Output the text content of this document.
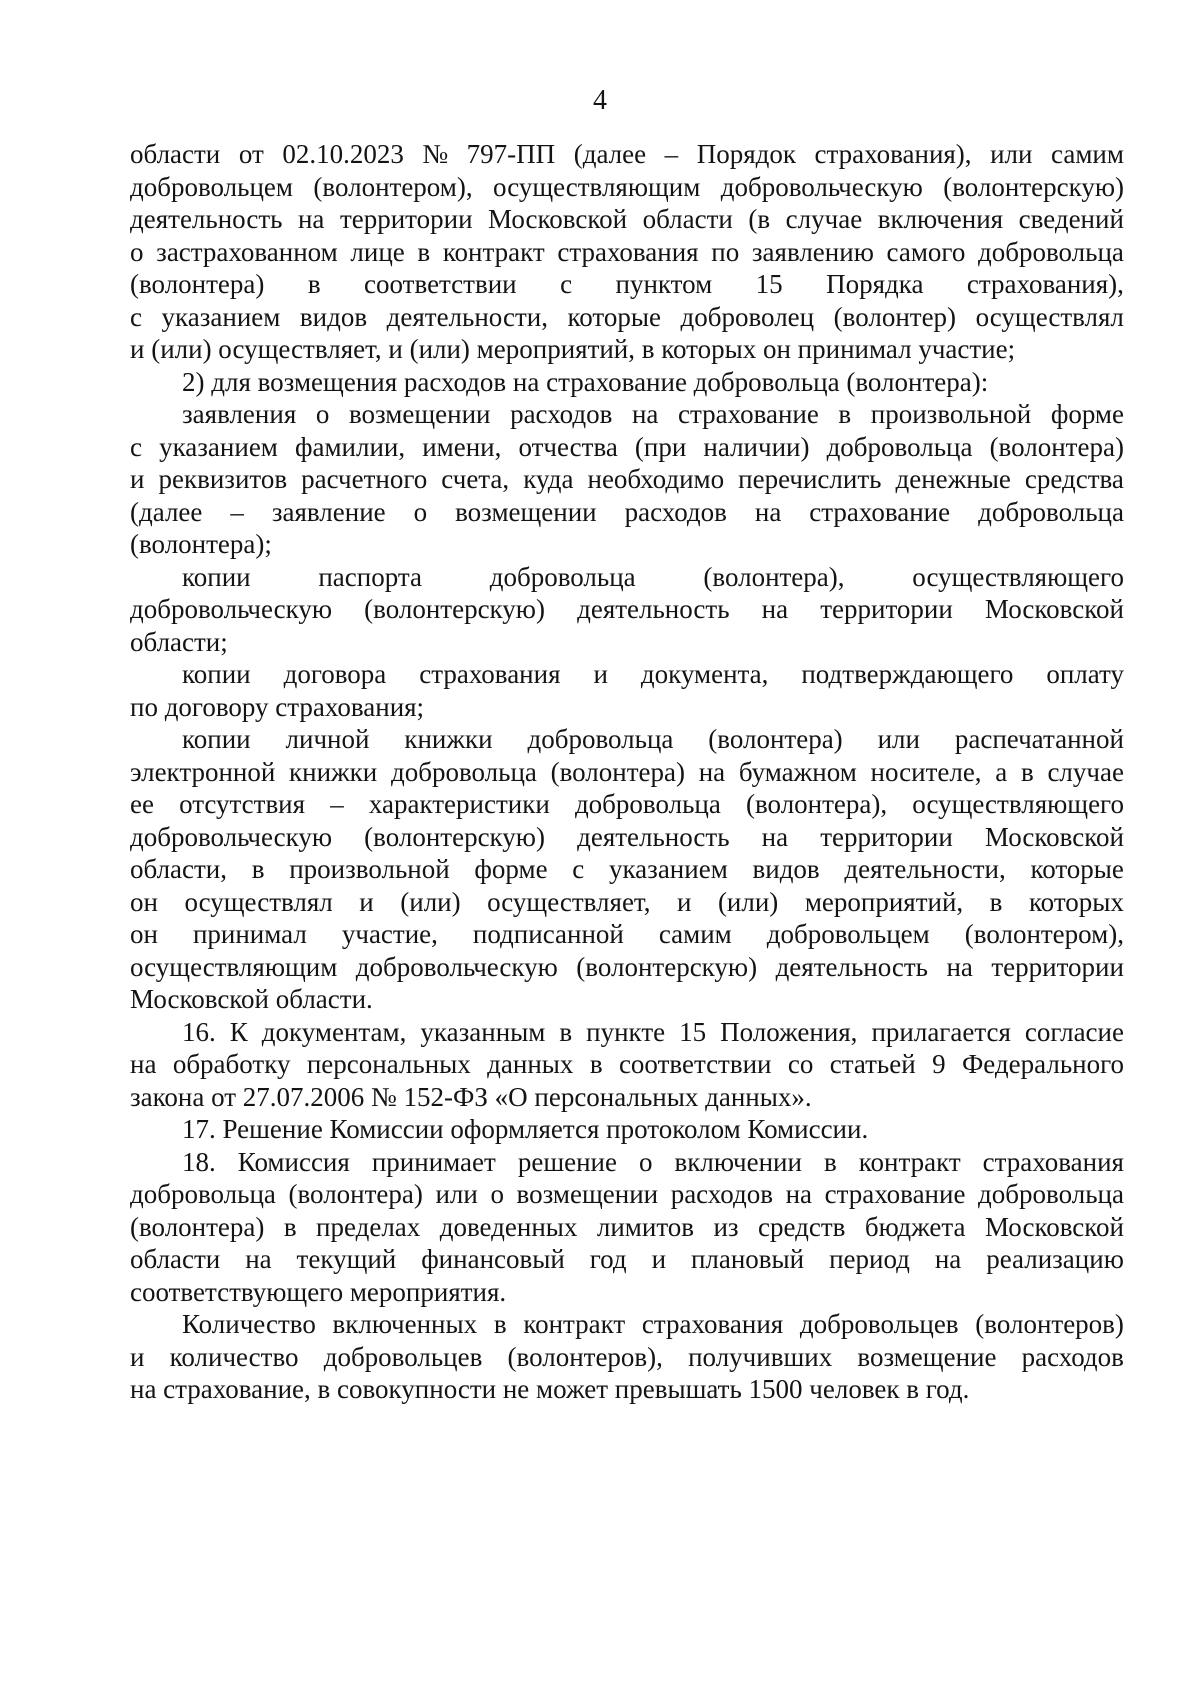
4
области от 02.10.2023 № 797-ПП (далее – Порядок страхования), или самим
добровольцем (волонтером), осуществляющим добровольческую (волонтерскую)
деятельность на территории Московской области (в случае включения сведений
о застрахованном лице в контракт страхования по заявлению самого добровольца
(волонтера) в соответствии с пунктом 15 Порядка страхования),
с указанием видов деятельности, которые доброволец (волонтер) осуществлял
и (или) осуществляет, и (или) мероприятий, в которых он принимал участие;
2) для возмещения расходов на страхование добровольца (волонтера):
заявления о возмещении расходов на страхование в произвольной форме
с указанием фамилии, имени, отчества (при наличии) добровольца (волонтера)
и реквизитов расчетного счета, куда необходимо перечислить денежные средства
(далее – заявление о возмещении расходов на страхование добровольца
(волонтера);
копии	паспорта	добровольца	(волонтера),	осуществляющего
добровольческую (волонтерскую) деятельность на территории Московской
области;
копии договора страхования и документа, подтверждающего оплату
по договору страхования;
копии личной книжки добровольца (волонтера) или распечатанной
электронной книжки добровольца (волонтера) на бумажном носителе, а в случае
ее отсутствия – характеристики добровольца (волонтера), осуществляющего
добровольческую (волонтерскую) деятельность на территории Московской
области, в произвольной форме с указанием видов деятельности, которые
он осуществлял и (или) осуществляет, и (или) мероприятий, в которых
он принимал участие, подписанной самим добровольцем (волонтером),
осуществляющим добровольческую (волонтерскую) деятельность на территории
Московской области.
16. К документам, указанным в пункте 15 Положения, прилагается согласие
на обработку персональных данных в соответствии со статьей 9 Федерального
закона от 27.07.2006 № 152-ФЗ «О персональных данных».
17. Решение Комиссии оформляется протоколом Комиссии.
18. Комиссия принимает решение о включении в контракт страхования
добровольца (волонтера) или о возмещении расходов на страхование добровольца
(волонтера) в пределах доведенных лимитов из средств бюджета Московской
области на текущий финансовый год и плановый период на реализацию
соответствующего мероприятия.
Количество включенных в контракт страхования добровольцев (волонтеров)
и количество добровольцев (волонтеров), получивших возмещение расходов
на страхование, в совокупности не может превышать 1500 человек в год.
